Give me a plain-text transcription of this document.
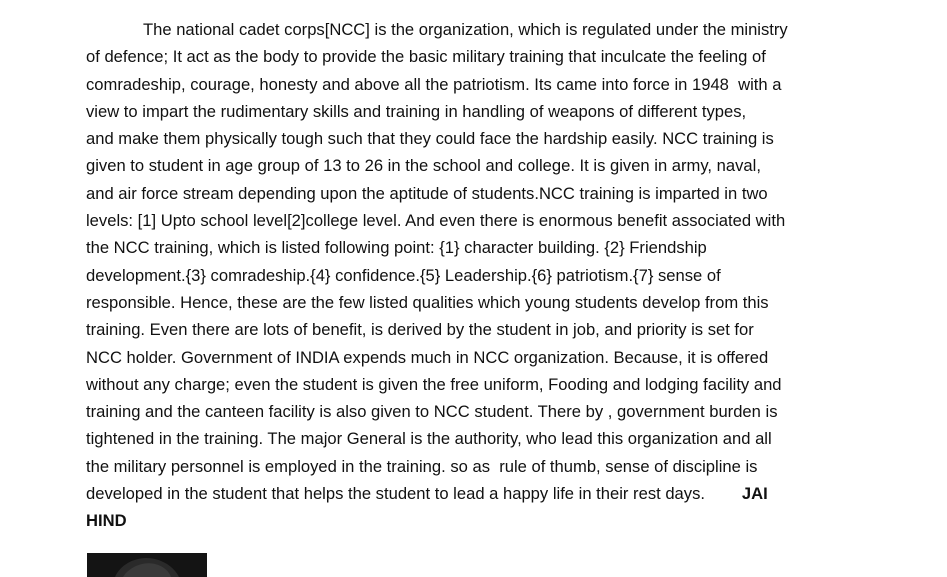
The national cadet corps[NCC] is the organization, which is regulated under the ministry
of defence; It act as the body to provide the basic military training that inculcate the feeling of
comradeship, courage, honesty and above all the patriotism. Its came into force in 1948  with a
view to impart the rudimentary skills and training in handling of weapons of different types,
and make them physically tough such that they could face the hardship easily. NCC training is
given to student in age group of 13 to 26 in the school and college. It is given in army, naval,
and air force stream depending upon the aptitude of students.NCC training is imparted in two
levels: [1] Upto school level[2]college level. And even there is enormous benefit associated with
the NCC training, which is listed following point: {1} character building. {2} Friendship
development.{3} comradeship.{4} confidence.{5} Leadership.{6} patriotism.{7} sense of
responsible. Hence, these are the few listed qualities which young students develop from this
training. Even there are lots of benefit, is derived by the student in job, and priority is set for
NCC holder. Government of INDIA expends much in NCC organization. Because, it is offered
without any charge; even the student is given the free uniform, Fooding and lodging facility and
training and the canteen facility is also given to NCC student. There by , government burden is
tightened in the training. The major General is the authority, who lead this organization and all
the military personnel is employed in the training. so as  rule of thumb, sense of discipline is
developed in the student that helps the student to lead a happy life in their rest days. JAI
HIND
